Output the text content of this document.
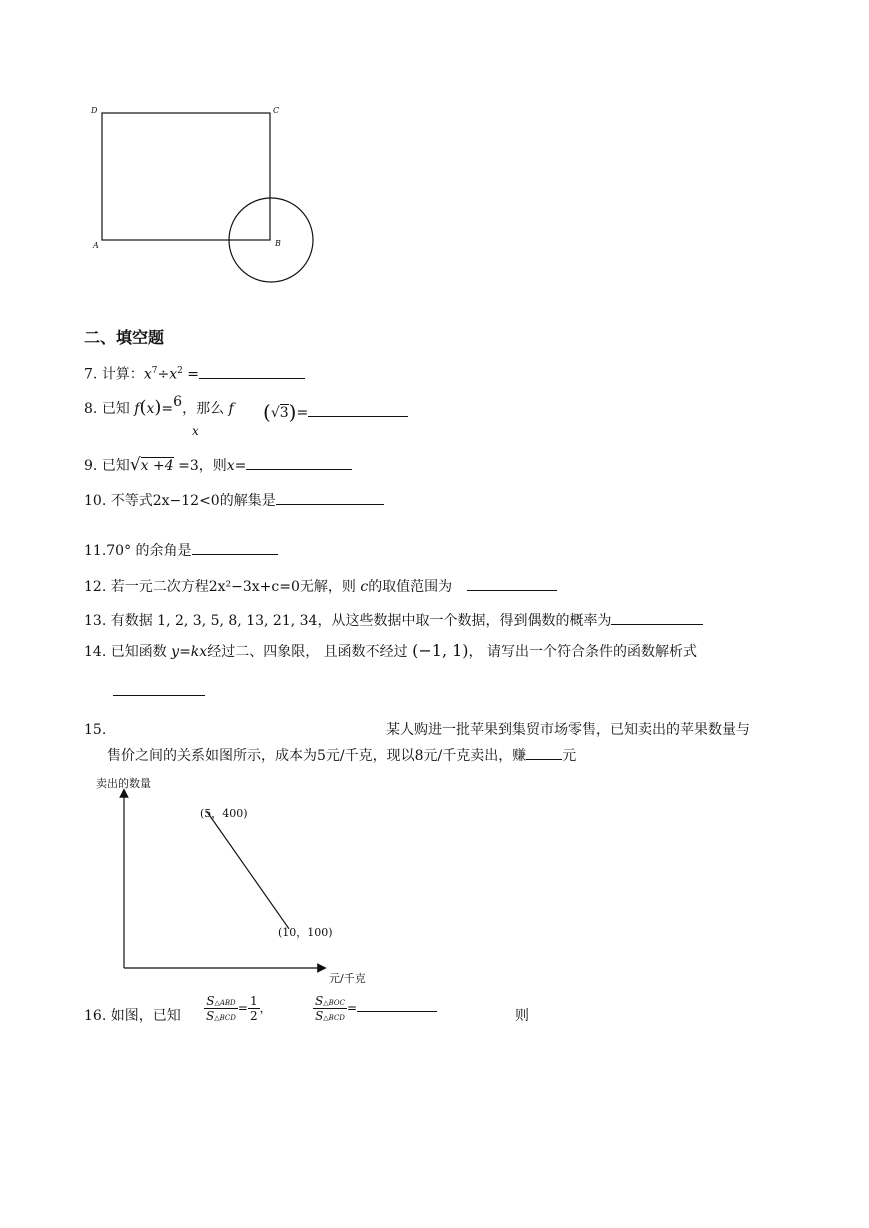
D	C
A	B
二、填空题
7. 计算：$x^7\div x^2$ =
8. 已知 f(x)=6，那么 f
x
(√3)=
9. 已知√x +4 =3，则x=
10. 不等式2x−12<0的解集是
11.70° 的余角是
12. 若一元二次方程2x²−3x+c=0无解，则 c的取值范围为
13. 有数据 1, 2, 3, 5, 8, 13, 21, 34，从这些数据中取一个数据，得到偶数的概率为
14. 已知函数 y=kx经过二、四象限， 且函数不经过 (−1, 1)， 请写出一个符合条件的函数解析式
15.	某人购进一批苹果到集贸市场零售，已知卖出的苹果数量与
售价之间的关系如图所示，成本为5元/千克，现以8元/千克卖出，赚	元
卖出的数量
(5，400)
(10，100)
元/千克
16. 如图，已知 $\frac{\text{S△ABD}}{\text{S△BCD}} = \frac{1}{2}$ ，	$\frac{\text{S△BOC}}{\text{S△BCD}}$ =	则
